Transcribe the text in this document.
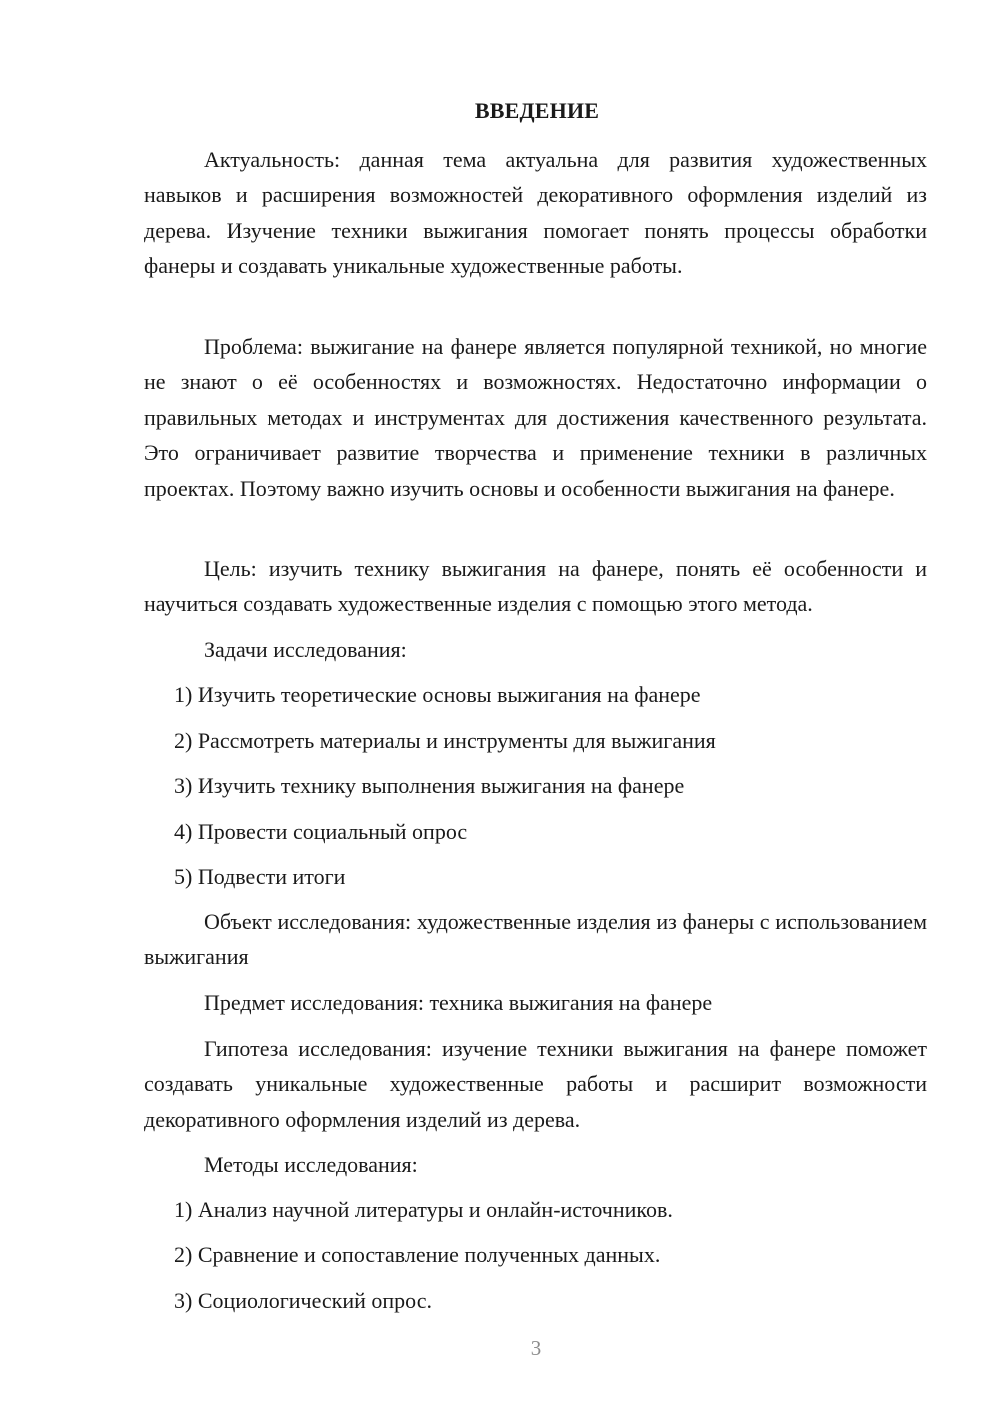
ВВЕДЕНИЕ

Актуальность: данная тема актуальна для развития художественных навыков и расширения возможностей декоративного оформления изделий из дерева. Изучение техники выжигания помогает понять процессы обработки фанеры и создавать уникальные художественные работы.

Проблема: выжигание на фанере является популярной техникой, но многие не знают о её особенностях и возможностях. Недостаточно информации о правильных методах и инструментах для достижения качественного результата. Это ограничивает развитие творчества и применение техники в различных проектах. Поэтому важно изучить основы и особенности выжигания на фанере.

Цель: изучить технику выжигания на фанере, понять её особенности и научиться создавать художественные изделия с помощью этого метода.

Задачи исследования:

1) Изучить теоретические основы выжигания на фанере

2) Рассмотреть материалы и инструменты для выжигания

3) Изучить технику выполнения выжигания на фанере

4) Провести социальный опрос

5) Подвести итоги

Объект исследования: художественные изделия из фанеры с использованием выжигания

Предмет исследования: техника выжигания на фанере

Гипотеза исследования: изучение техники выжигания на фанере поможет создавать уникальные художественные работы и расширит возможности декоративного оформления изделий из дерева.

Методы исследования:

1) Анализ научной литературы и онлайн-источников.

2) Сравнение и сопоставление полученных данных.

3) Социологический опрос.

3
